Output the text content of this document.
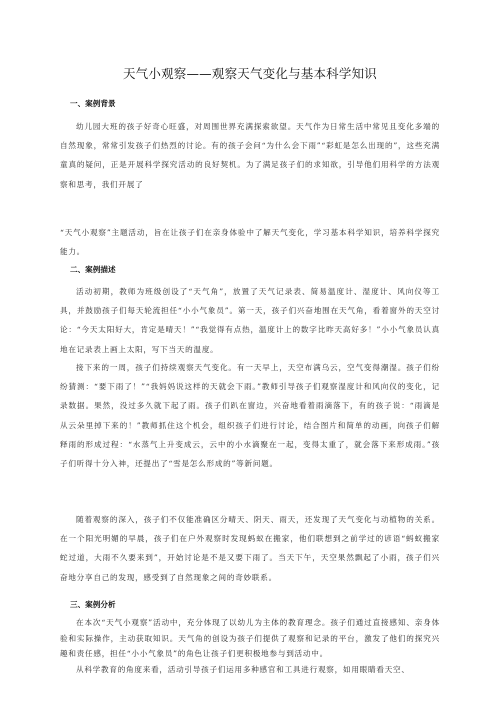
天气小观察——观察天气变化与基本科学知识
一、案例背景
幼儿园大班的孩子好奇心旺盛，对周围世界充满探索欲望。天气作为日常生活中常见且变化多端的自然现象，常常引发孩子们热烈的讨论。有的孩子会问“为什么会下雨”“彩虹是怎么出现的”，这些充满童真的疑问，正是开展科学探究活动的良好契机。为了满足孩子们的求知欲，引导他们用科学的方法观察和思考，我们开展了
“天气小观察”主题活动，旨在让孩子们在亲身体验中了解天气变化，学习基本科学知识，培养科学探究能力。
二、案例描述
活动初期，教师为班级创设了“天气角”，放置了天气记录表、简易温度计、湿度计、风向仪等工具，并鼓励孩子们每天轮流担任“小小气象员”。第一天，孩子们兴奋地围在天气角，看着窗外的天空讨论：“今天太阳好大，肯定是晴天！”“我觉得有点热，温度计上的数字比昨天高好多！”小小气象员认真地在记录表上画上太阳，写下当天的温度。
接下来的一周，孩子们持续观察天气变化。有一天早上，天空布满乌云，空气变得潮湿。孩子们纷纷猜测：“要下雨了！”“我妈妈说这样的天就会下雨。”教师引导孩子们观察湿度计和风向仪的变化，记录数据。果然，没过多久就下起了雨。孩子们趴在窗边，兴奋地看着雨滴落下，有的孩子说：“雨滴是从云朵里掉下来的！”教师抓住这个机会，组织孩子们进行讨论，结合图片和简单的动画，向孩子们解释雨的形成过程：“水蒸气上升变成云，云中的小水滴聚在一起，变得太重了，就会落下来形成雨。”孩子们听得十分入神，还提出了“雪是怎么形成的”等新问题。
随着观察的深入，孩子们不仅能准确区分晴天、阴天、雨天，还发现了天气变化与动植物的关系。在一个阳光明媚的早晨，孩子们在户外观察时发现蚂蚁在搬家，他们联想到之前学过的谚语“蚂蚁搬家蛇过道，大雨不久要来到”，开始讨论是不是又要下雨了。当天下午，天空果然飘起了小雨，孩子们兴奋地分享自己的发现，感受到了自然现象之间的奇妙联系。
三、案例分析
在本次“天气小观察”活动中，充分体现了以幼儿为主体的教育理念。孩子们通过直接感知、亲身体验和实际操作，主动获取知识。天气角的创设为孩子们提供了观察和记录的平台，激发了他们的探究兴趣和责任感，担任“小小气象员”的角色让孩子们更积极地参与到活动中。
从科学教育的角度来看，活动引导孩子们运用多种感官和工具进行观察，如用眼睛看天空、
